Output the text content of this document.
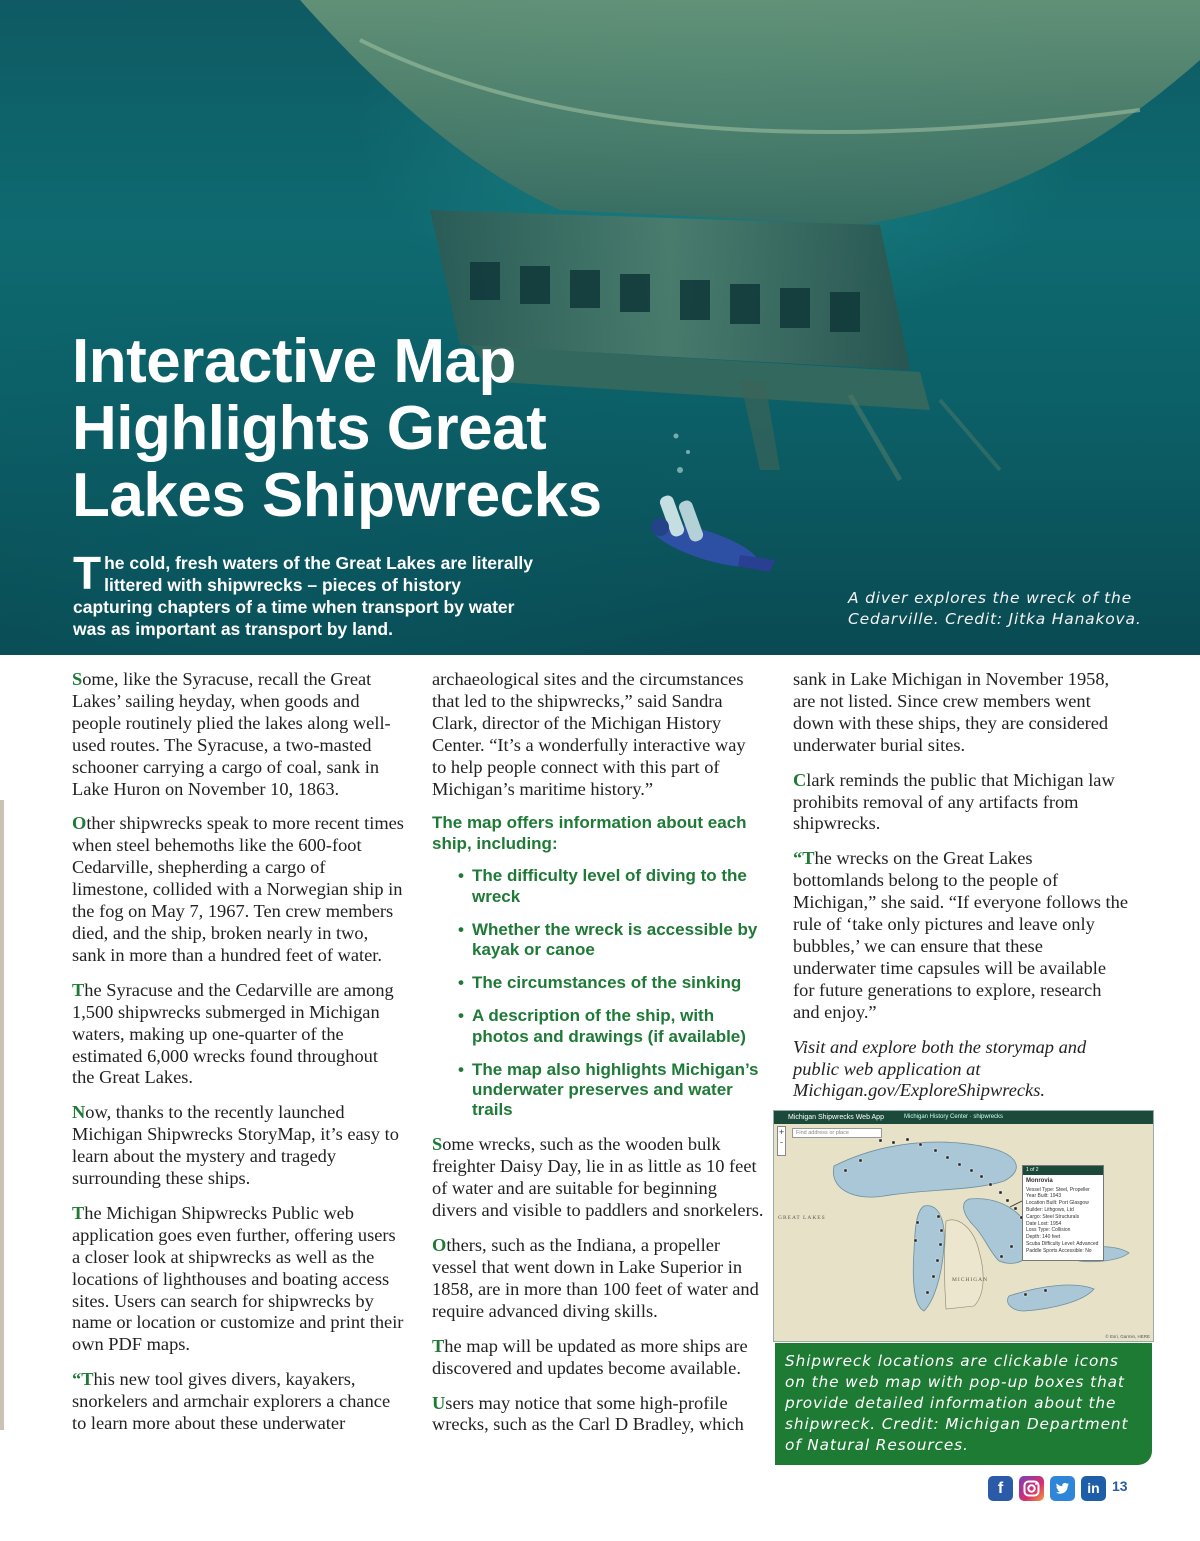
Interactive Map Highlights Great Lakes Shipwrecks

The cold, fresh waters of the Great Lakes are literally littered with shipwrecks – pieces of history capturing chapters of a time when transport by water was as important as transport by land.

A diver explores the wreck of the Cedarville. Credit: Jitka Hanakova.

Some, like the Syracuse, recall the Great Lakes’ sailing heyday, when goods and people routinely plied the lakes along well-used routes. The Syracuse, a two-masted schooner carrying a cargo of coal, sank in Lake Huron on November 10, 1863.

Other shipwrecks speak to more recent times when steel behemoths like the 600-foot Cedarville, shepherding a cargo of limestone, collided with a Norwegian ship in the fog on May 7, 1967. Ten crew members died, and the ship, broken nearly in two, sank in more than a hundred feet of water.

The Syracuse and the Cedarville are among 1,500 shipwrecks submerged in Michigan waters, making up one-quarter of the estimated 6,000 wrecks found throughout the Great Lakes.

Now, thanks to the recently launched Michigan Shipwrecks StoryMap, it’s easy to learn about the mystery and tragedy surrounding these ships.

The Michigan Shipwrecks Public web application goes even further, offering users a closer look at shipwrecks as well as the locations of lighthouses and boating access sites. Users can search for shipwrecks by name or location or customize and print their own PDF maps.

“This new tool gives divers, kayakers, snorkelers and armchair explorers a chance to learn more about these underwater

archaeological sites and the circumstances that led to the shipwrecks,” said Sandra Clark, director of the Michigan History Center. “It’s a wonderfully interactive way to help people connect with this part of Michigan’s maritime history.”

The map offers information about each ship, including:
• The difficulty level of diving to the wreck
• Whether the wreck is accessible by kayak or canoe
• The circumstances of the sinking
• A description of the ship, with photos and drawings (if available)
• The map also highlights Michigan’s underwater preserves and water trails

Some wrecks, such as the wooden bulk freighter Daisy Day, lie in as little as 10 feet of water and are suitable for beginning divers and visible to paddlers and snorkelers.

Others, such as the Indiana, a propeller vessel that went down in Lake Superior in 1858, are in more than 100 feet of water and require advanced diving skills.

The map will be updated as more ships are discovered and updates become available.

Users may notice that some high-profile wrecks, such as the Carl D Bradley, which

sank in Lake Michigan in November 1958, are not listed. Since crew members went down with these ships, they are considered underwater burial sites.

Clark reminds the public that Michigan law prohibits removal of any artifacts from shipwrecks.

“The wrecks on the Great Lakes bottomlands belong to the people of Michigan,” she said. “If everyone follows the rule of ‘take only pictures and leave only bubbles,’ we can ensure that these underwater time capsules will be available for future generations to explore, research and enjoy.”

Visit and explore both the storymap and public web application at Michigan.gov/ExploreShipwrecks.

Michigan Shipwrecks Web App	Michigan History Center · shipwrecks
Find address or place
+
–
GREAT LAKES
MICHIGAN
1 of 2
Monrovia
Vessel Type: Steel, Propeller
Year Built: 1943
Location Built: Port Glasgow
Builder: Lithgows, Ltd
Cargo: Steel Structurals
Date Lost: 1954
Loss Type: Collision
Depth: 140 feet
Scuba Difficulty Level: Advanced
Paddle Sports Accessible: No
© Esri, Garmin, HERE
Shipwreck locations are clickable icons on the web map with pop-up boxes that provide detailed information about the shipwreck. Credit: Michigan Department of Natural Resources.
f	in 13
